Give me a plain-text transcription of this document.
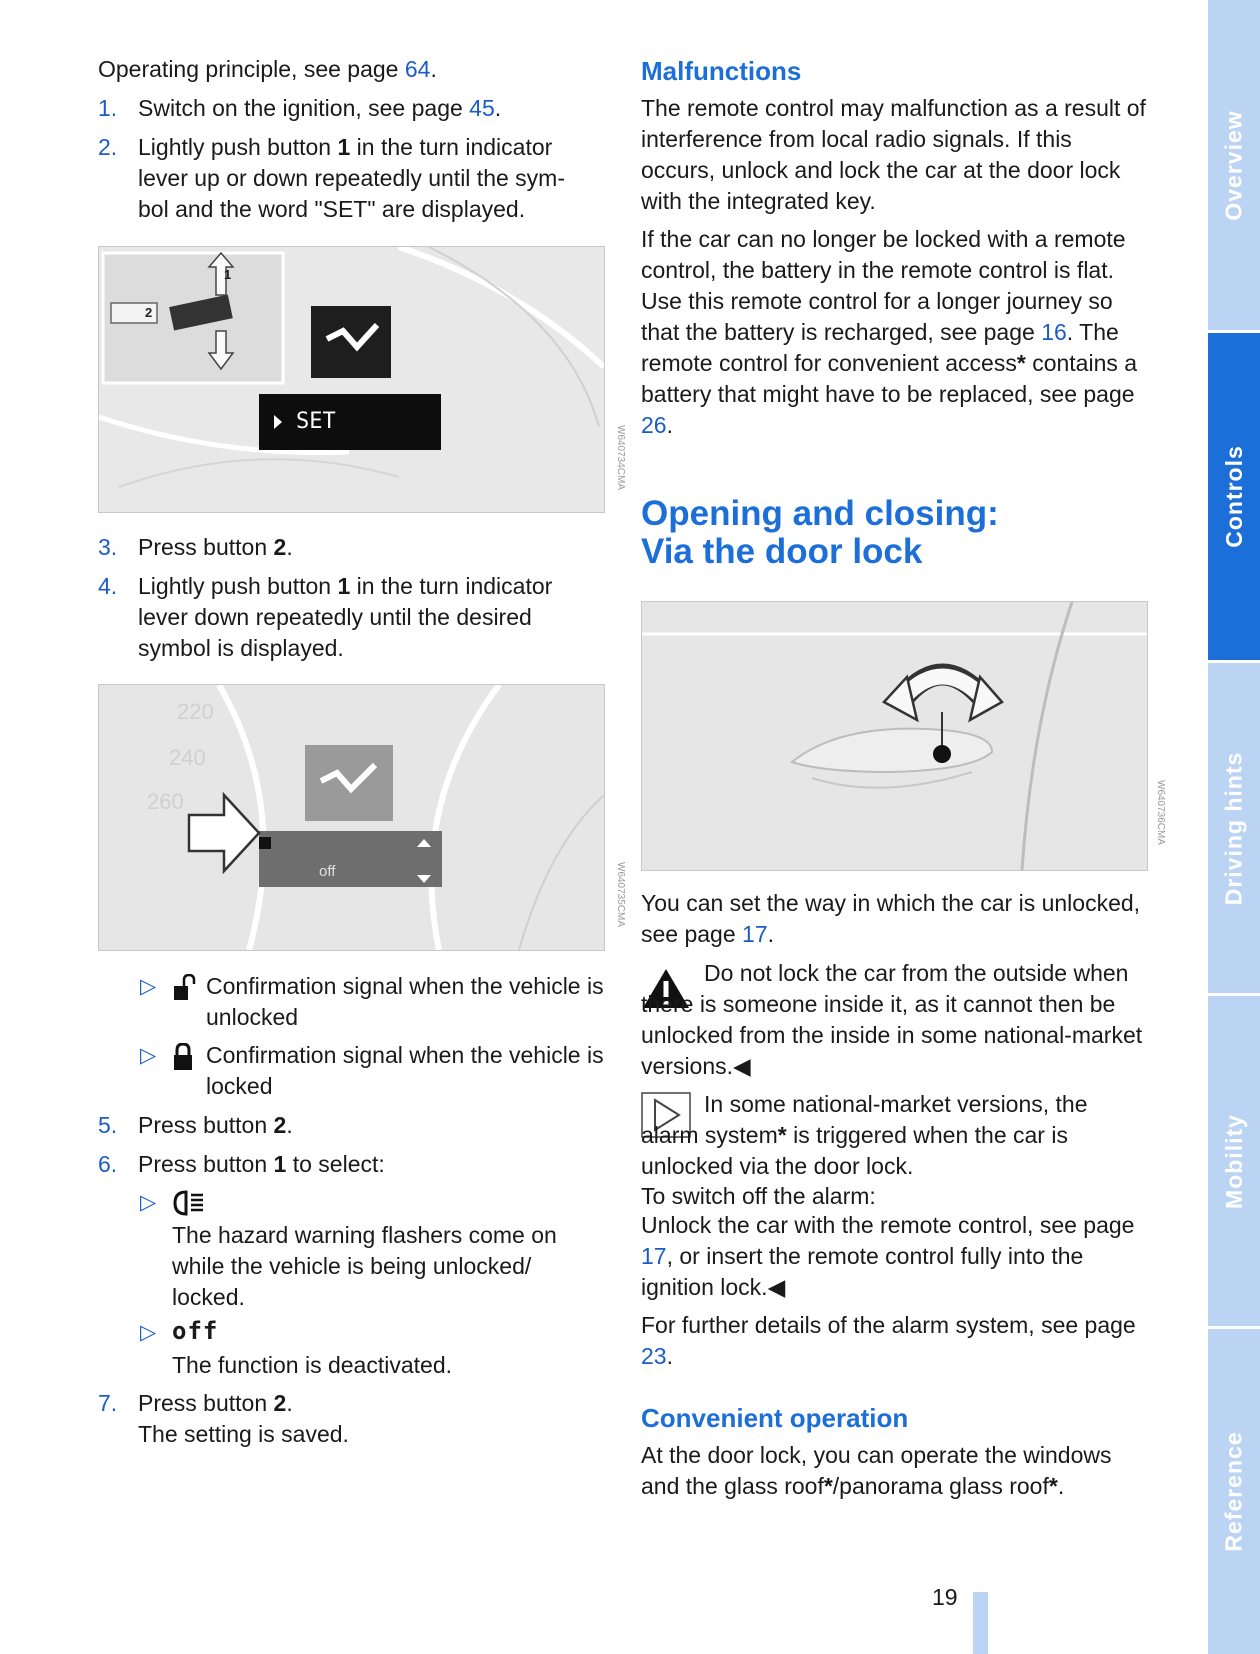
Operating principle, see page 64.

1. Switch on the ignition, see page 45.
2. Lightly push button 1 in the turn indicator lever up or down repeatedly until the sym-bol and the word "SET" are displayed.
1
2
SET
W640734CMA
3. Press button 2.
4. Lightly push button 1 in the turn indicator lever down repeatedly until the desired symbol is displayed.
220
240
260
off	W640735CMA
▷ Confirmation signal when the vehicle is unlocked
▷ Confirmation signal when the vehicle is locked
5. Press button 2.
6. Press button 1 to select:
▷
The hazard warning flashers come on while the vehicle is being unlocked/ locked.
▷ off
The function is deactivated.
7. Press button 2.
The setting is saved.
Malfunctions

The remote control may malfunction as a result of interference from local radio signals. If this occurs, unlock and lock the car at the door lock with the integrated key.

If the car can no longer be locked with a remote control, the battery in the remote control is flat. Use this remote control for a longer journey so that the battery is recharged, see page 16. The remote control for convenient access* contains a battery that might have to be replaced, see page 26.

Opening and closing:
Via the door lock
W640736CMA

You can set the way in which the car is unlocked, see page 17.

Do not lock the car from the outside when there is someone inside it, as it cannot then be unlocked from the inside in some national-market versions.◀

In some national-market versions, the alarm system* is triggered when the car is unlocked via the door lock.

To switch off the alarm:

Unlock the car with the remote control, see page 17, or insert the remote control fully into the ignition lock.◀

For further details of the alarm system, see page 23.

Convenient operation

At the door lock, you can operate the windows and the glass roof*/panorama glass roof*.

19
Overview
Controls
Driving hints
Mobility
Reference
